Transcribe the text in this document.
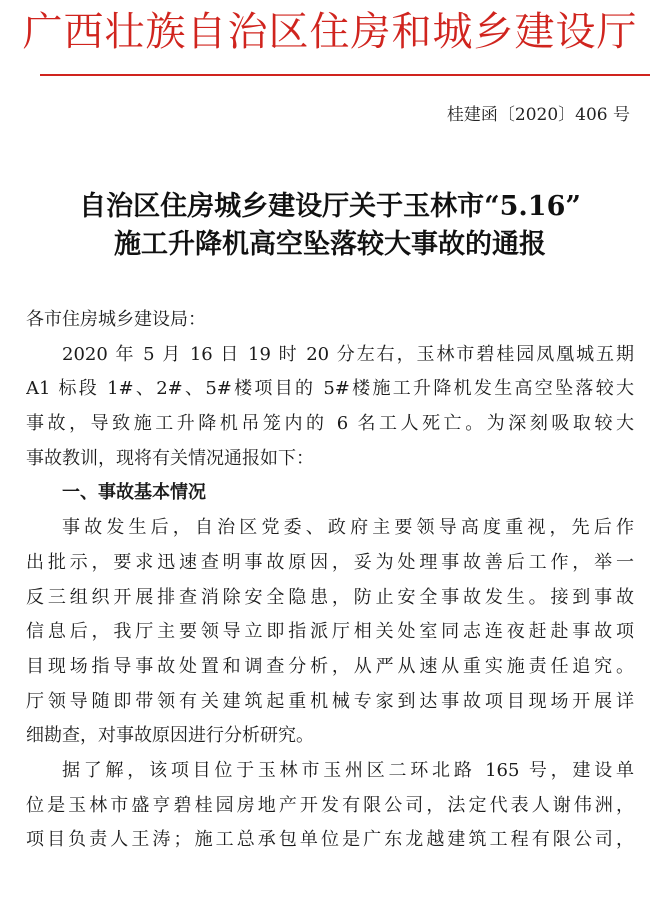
广西壮族自治区住房和城乡建设厅
桂建函〔2020〕406 号
自治区住房城乡建设厅关于玉林市“5.16”
施工升降机高空坠落较大事故的通报
各市住房城乡建设局：
2020 年 5 月 16 日 19 时 20 分左右，玉林市碧桂园凤凰城五期
A1 标段 1#、2#、5#楼项目的 5#楼施工升降机发生高空坠落较大
事故，导致施工升降机吊笼内的 6 名工人死亡。为深刻吸取较大
事故教训，现将有关情况通报如下：
一、事故基本情况
事故发生后，自治区党委、政府主要领导高度重视，先后作
出批示，要求迅速查明事故原因，妥为处理事故善后工作，举一
反三组织开展排查消除安全隐患，防止安全事故发生。接到事故
信息后，我厅主要领导立即指派厅相关处室同志连夜赶赴事故项
目现场指导事故处置和调查分析，从严从速从重实施责任追究。
厅领导随即带领有关建筑起重机械专家到达事故项目现场开展详
细勘查，对事故原因进行分析研究。
据了解，该项目位于玉林市玉州区二环北路 165 号，建设单
位是玉林市盛亨碧桂园房地产开发有限公司，法定代表人谢伟洲，
项目负责人王涛；施工总承包单位是广东龙越建筑工程有限公司，
